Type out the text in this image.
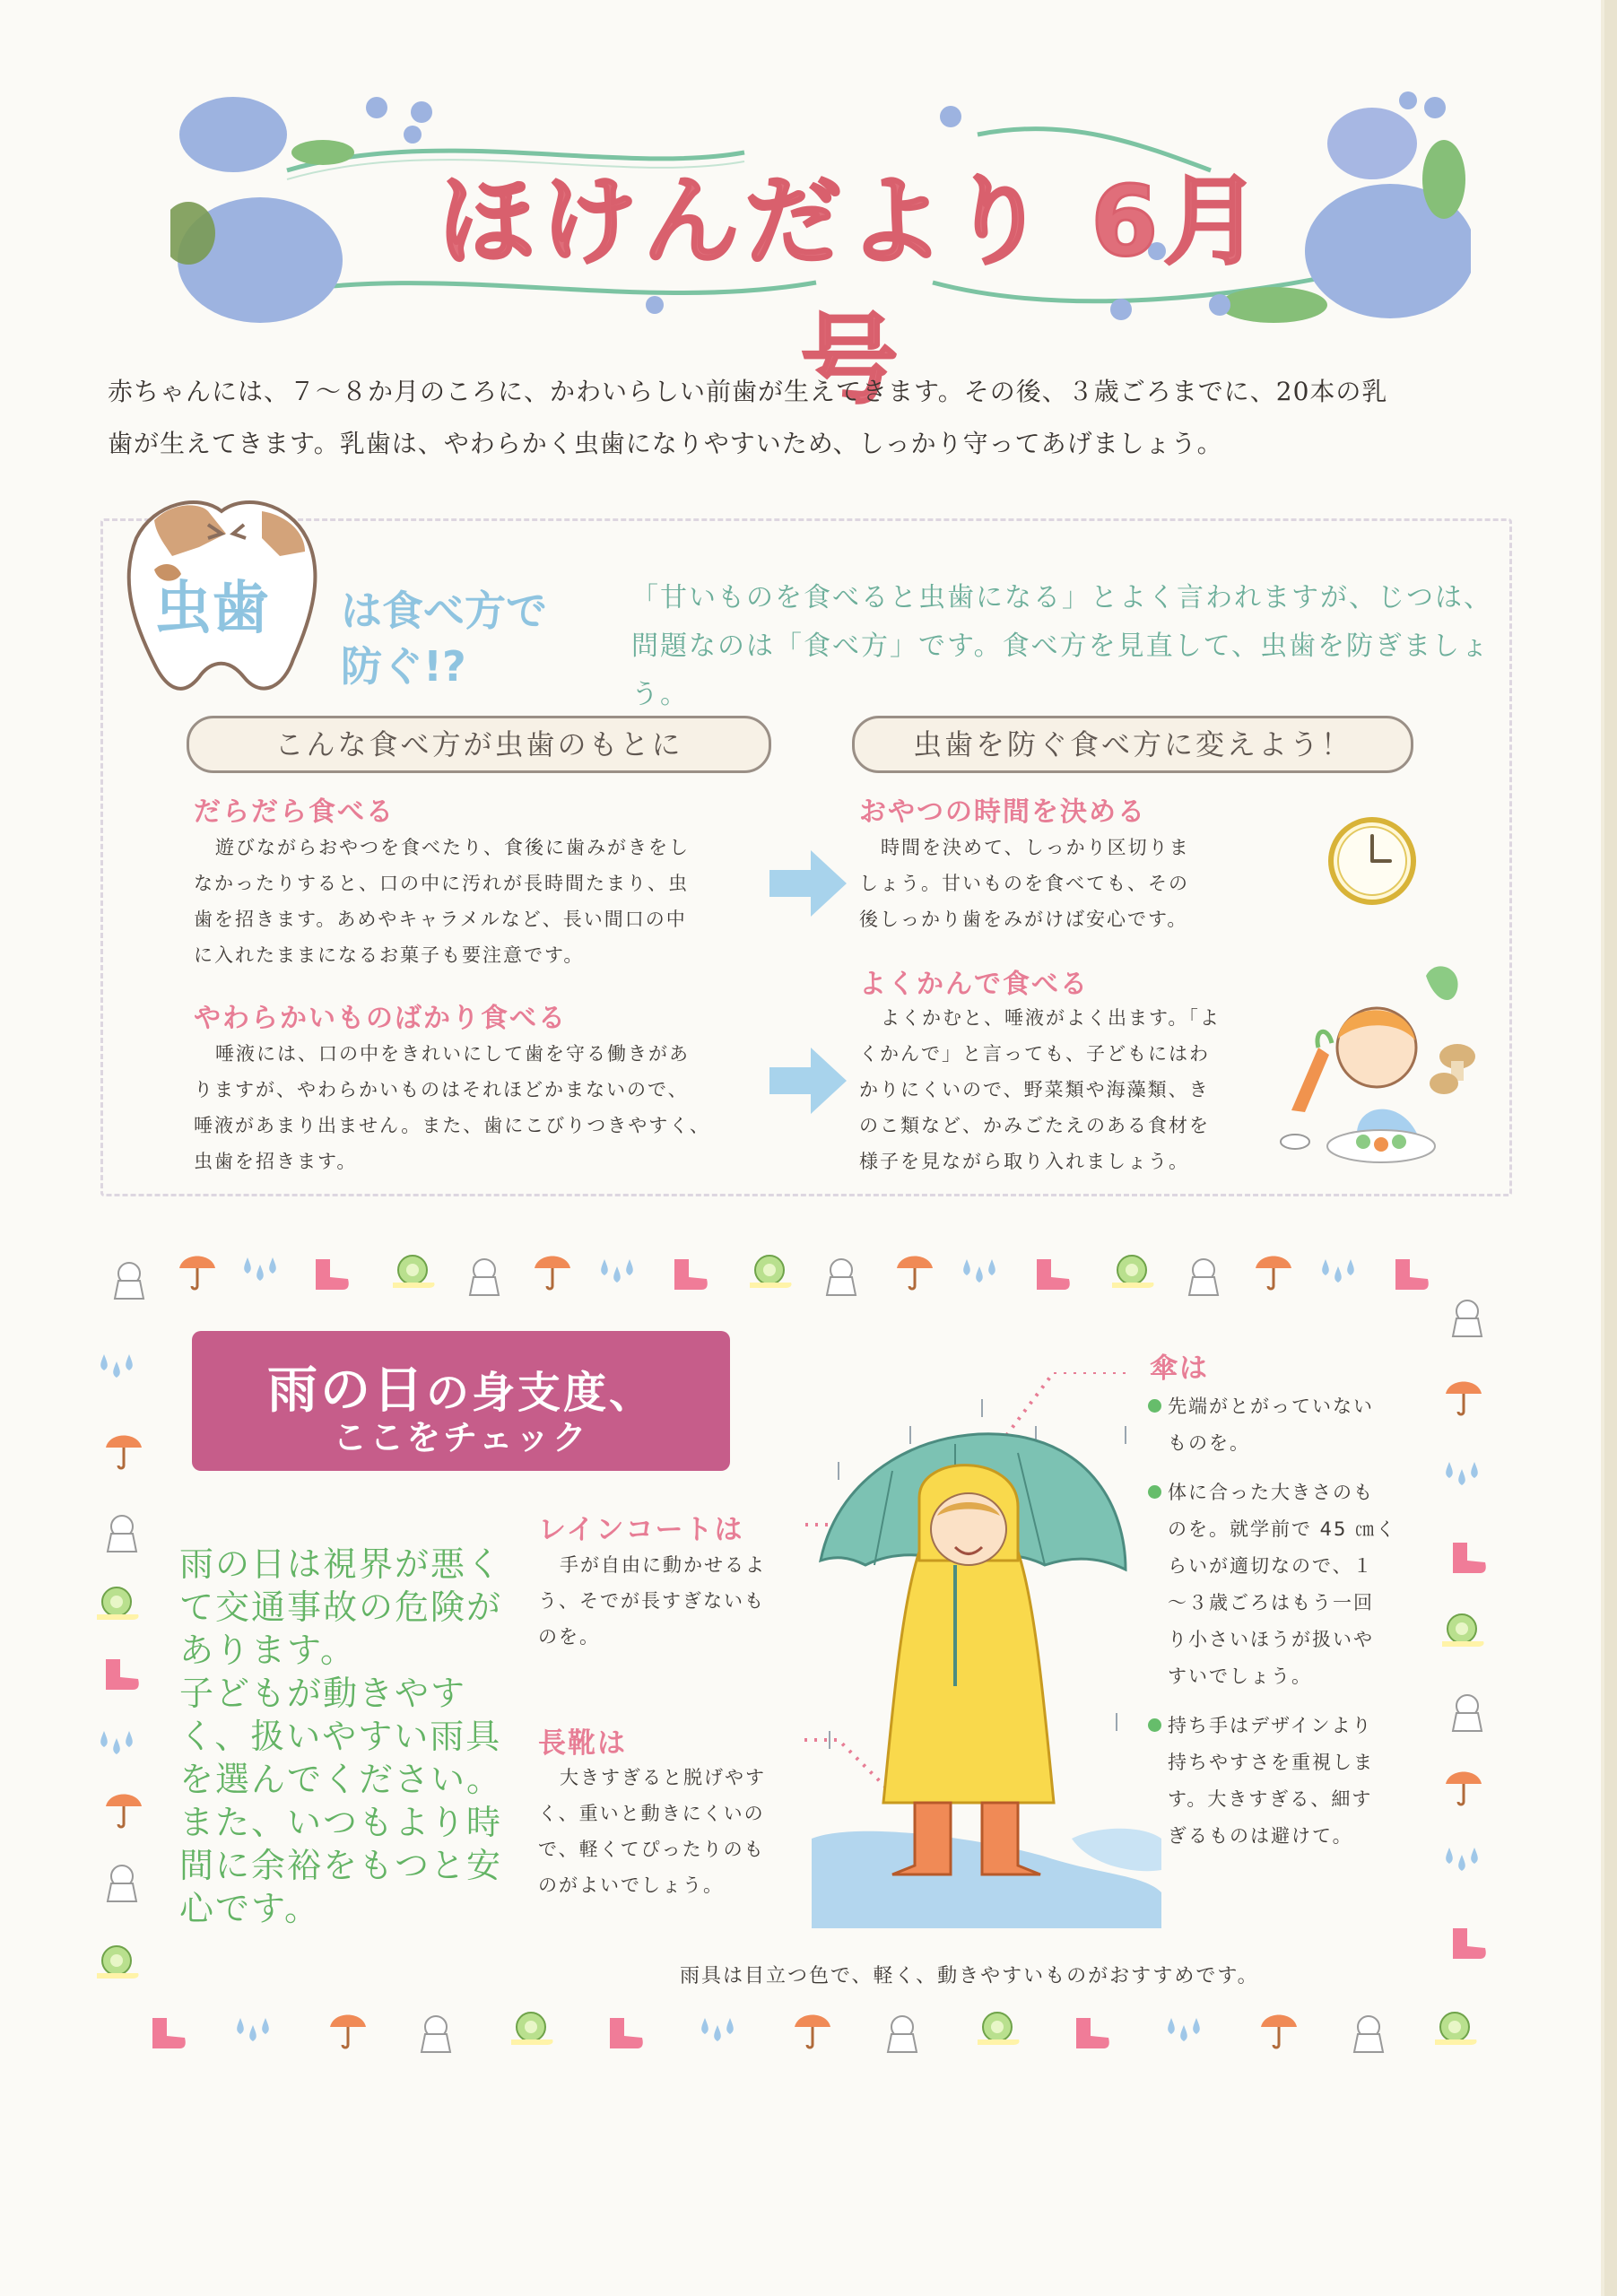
ほけんだより 6月号
赤ちゃんには、７～８か月のころに、かわいらしい前歯が生えてきます。その後、３歳ごろまでに、20本の乳
歯が生えてきます。乳歯は、やわらかく虫歯になりやすいため、しっかり守ってあげましょう。
虫歯 は食べ方で
防ぐ!?
「甘いものを食べると虫歯になる」とよく言われますが、じつは、
問題なのは「食べ方」です。食べ方を見直して、虫歯を防ぎましょ
う。
こんな食べ方が虫歯のもとに	虫歯を防ぐ食べ方に変えよう！
だらだら食べる
遊びながらおやつを食べたり、食後に歯みがきをし
なかったりすると、口の中に汚れが長時間たまり、虫
歯を招きます。あめやキャラメルなど、長い間口の中
に入れたままになるお菓子も要注意です。
やわらかいものばかり食べる
唾液には、口の中をきれいにして歯を守る働きがあ
りますが、やわらかいものはそれほどかまないので、
唾液があまり出ません。また、歯にこびりつきやすく、
虫歯を招きます。
おやつの時間を決める
時間を決めて、しっかり区切りま
しょう。甘いものを食べても、その
後しっかり歯をみがけば安心です。
よくかんで食べる
よくかむと、唾液がよく出ます。「よ
くかんで」と言っても、子どもにはわ
かりにくいので、野菜類や海藻類、き
のこ類など、かみごたえのある食材を
様子を見ながら取り入れましょう。
雨の日の身支度、
ここをチェック
雨の日は視界が悪く
て交通事故の危険が
あります。
子どもが動きやす
く、扱いやすい雨具
を選んでください。
また、いつもより時
間に余裕をもつと安
心です。
レインコートは
手が自由に動かせるよ
う、そでが長すぎないも
のを。
長靴は
大きすぎると脱げやす
く、重いと動きにくいの
で、軽くてぴったりのも
のがよいでしょう。
傘は
先端がとがっていない
ものを。
体に合った大きさのも
のを。就学前で 45 ㎝く
らいが適切なので、１
～３歳ごろはもう一回
り小さいほうが扱いや
すいでしょう。
持ち手はデザインより
持ちやすさを重視しま
す。大きすぎる、細す
ぎるものは避けて。
雨具は目立つ色で、軽く、動きやすいものがおすすめです。
